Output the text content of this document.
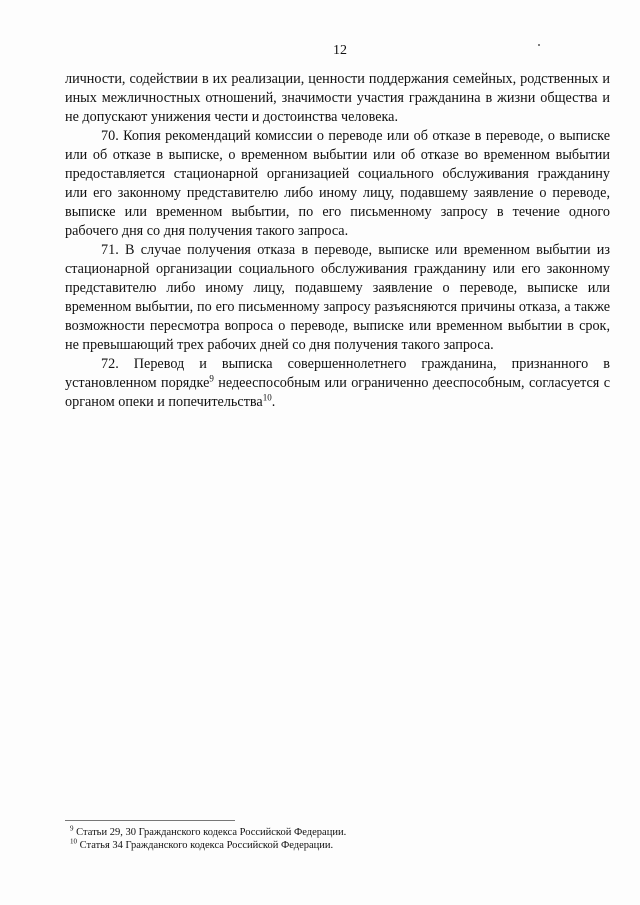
12

личности, содействии в их реализации, ценности поддержания семейных, родственных и иных межличностных отношений, значимости участия гражданина в жизни общества и не допускают унижения чести и достоинства человека.

70. Копия рекомендаций комиссии о переводе или об отказе в переводе, о выписке или об отказе в выписке, о временном выбытии или об отказе во временном выбытии предоставляется стационарной организацией социального обслуживания гражданину или его законному представителю либо иному лицу, подавшему заявление о переводе, выписке или временном выбытии, по его письменному запросу в течение одного рабочего дня со дня получения такого запроса.

71. В случае получения отказа в переводе, выписке или временном выбытии из стационарной организации социального обслуживания гражданину или его законному представителю либо иному лицу, подавшему заявление о переводе, выписке или временном выбытии, по его письменному запросу разъясняются причины отказа, а также возможности пересмотра вопроса о переводе, выписке или временном выбытии в срок, не превышающий трех рабочих дней со дня получения такого запроса.

72. Перевод и выписка совершеннолетнего гражданина, признанного в установленном порядке$^9$ недееспособным или ограниченно дееспособным, согласуется с органом опеки и попечительства$^{10}$.

$^9$ Статьи 29, 30 Гражданского кодекса Российской Федерации.

$^{10}$ Статья 34 Гражданского кодекса Российской Федерации.
